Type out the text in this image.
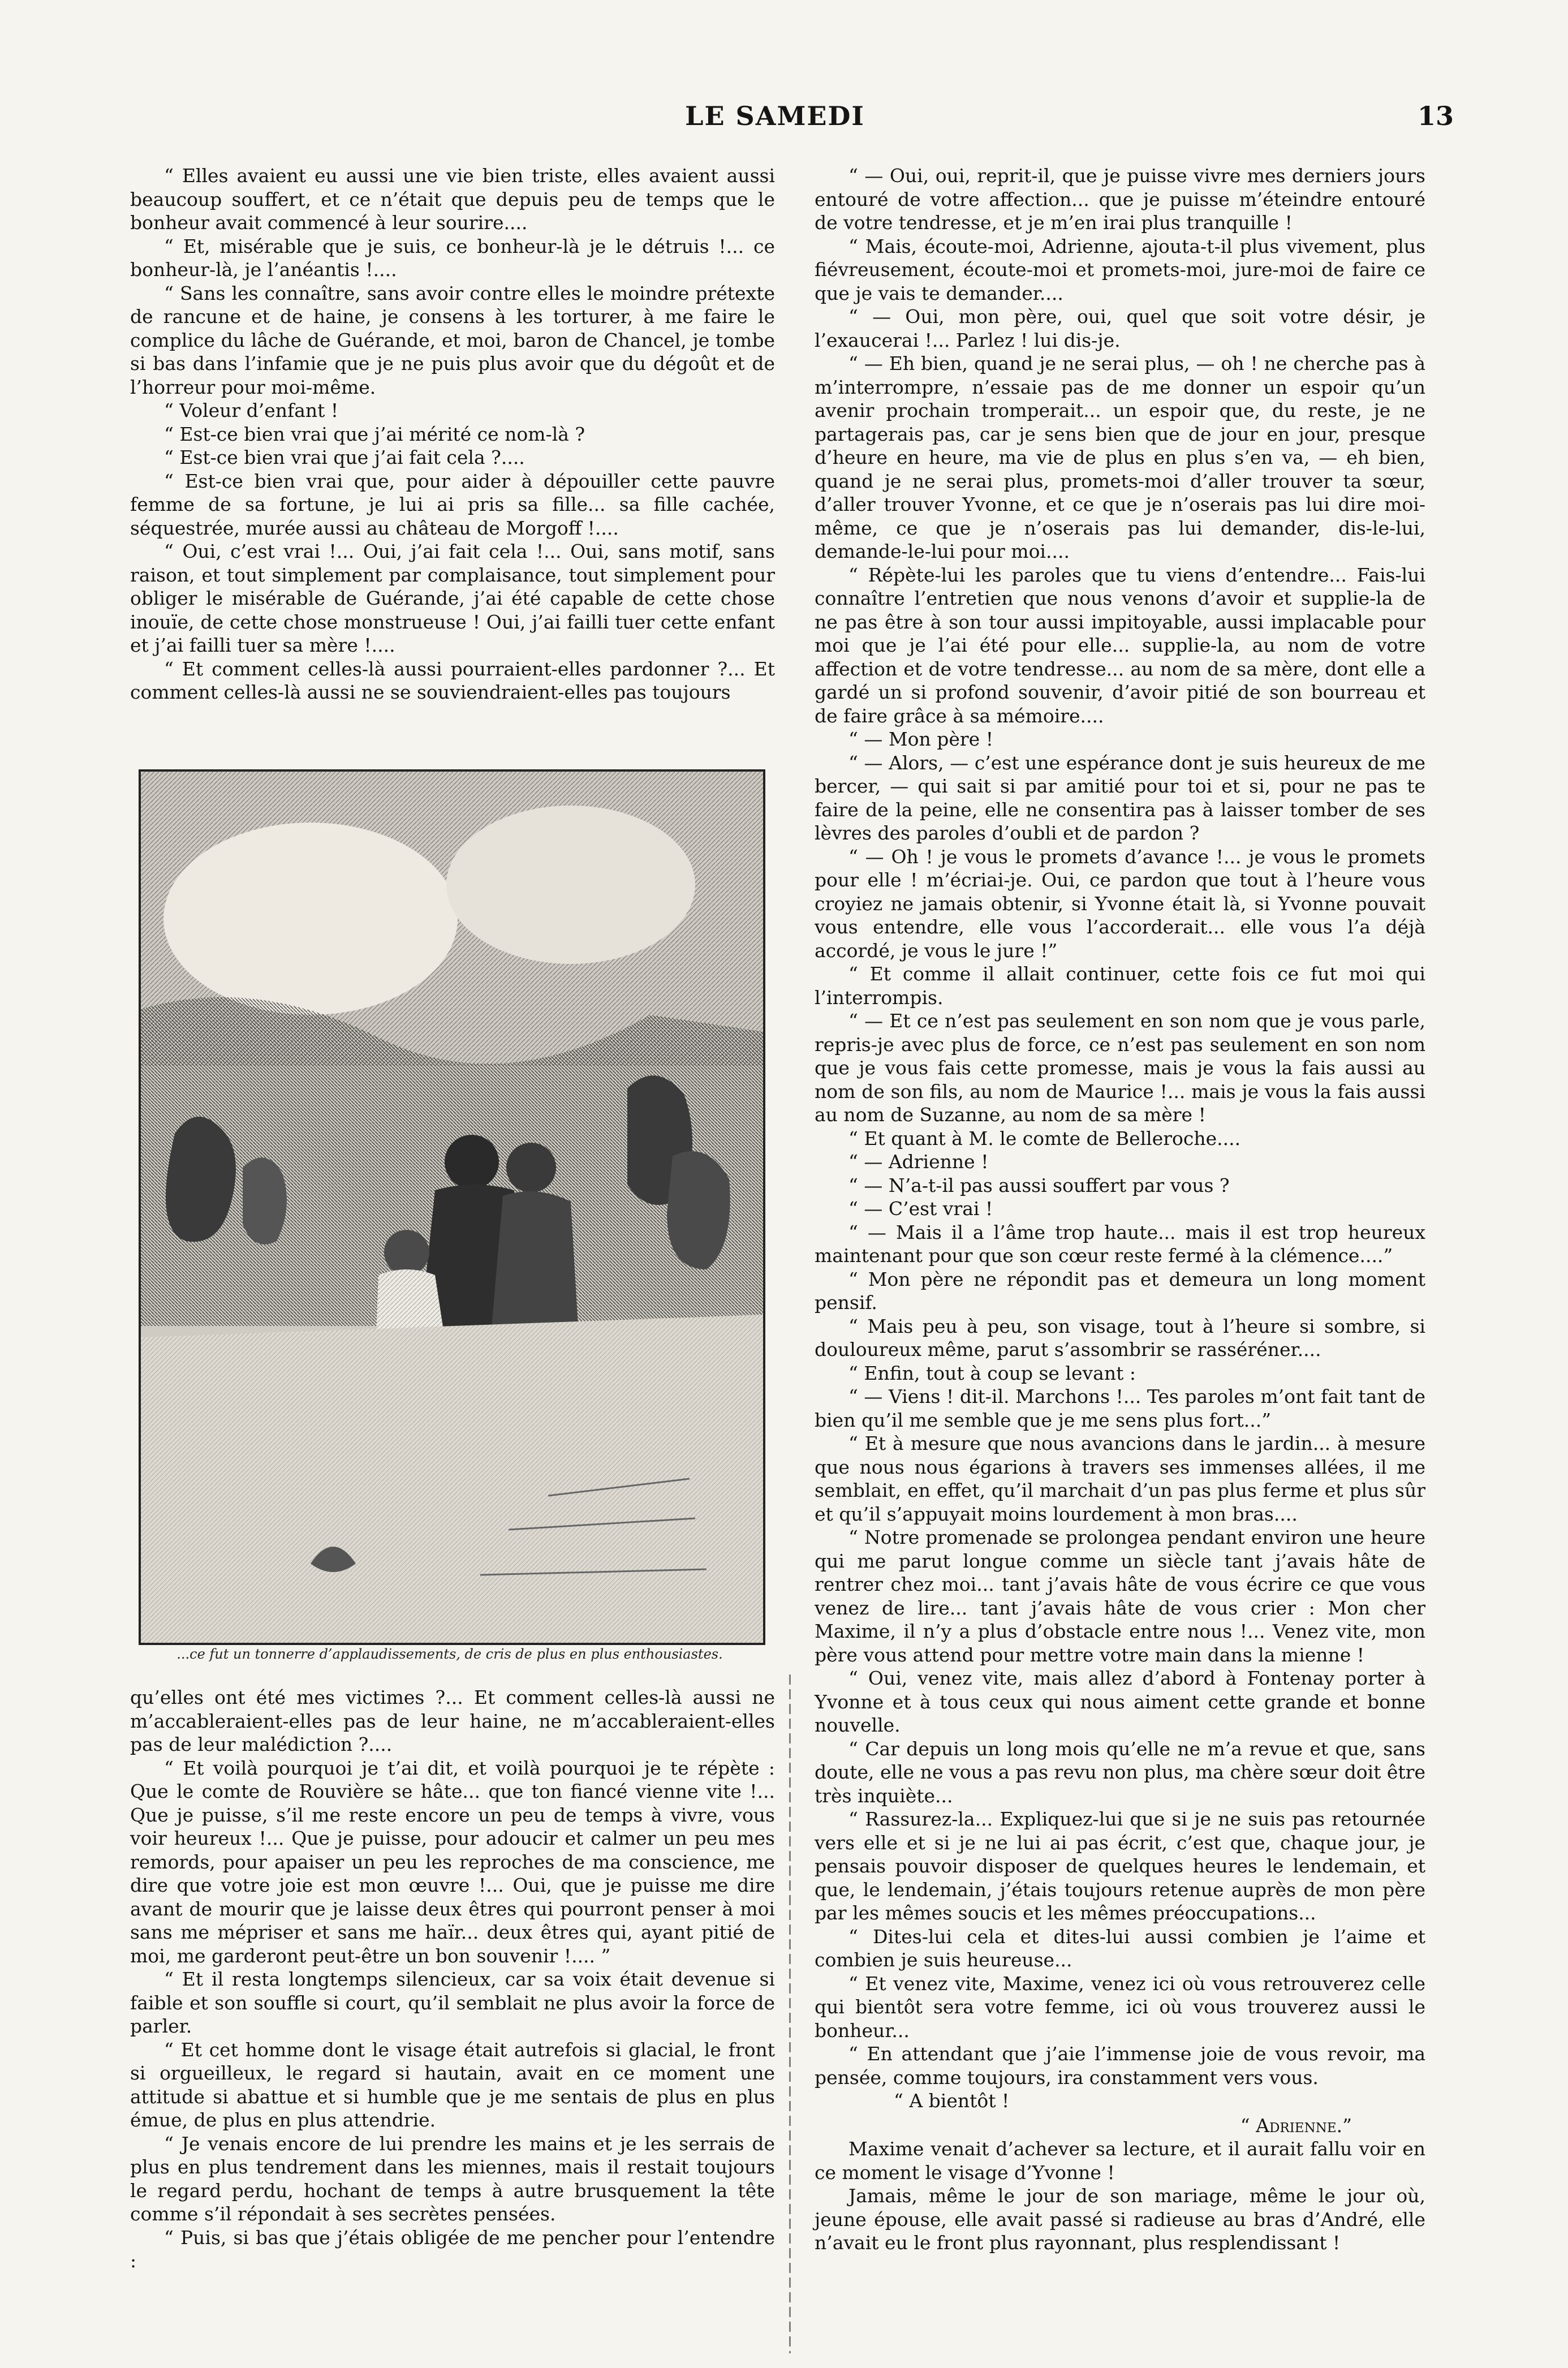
LE SAMEDI	13

“ Elles avaient eu aussi une vie bien triste, elles avaient aussi beaucoup souffert, et ce n’était que depuis peu de temps que le bonheur avait commencé à leur sourire....

“ Et, misérable que je suis, ce bonheur-là je le détruis !... ce bonheur-là, je l’anéantis !....

“ Sans les connaître, sans avoir contre elles le moindre prétexte de rancune et de haine, je consens à les torturer, à me faire le complice du lâche de Guérande, et moi, baron de Chancel, je tombe si bas dans l’infamie que je ne puis plus avoir que du dégoût et de l’horreur pour moi-même.

“ Voleur d’enfant !

“ Est-ce bien vrai que j’ai mérité ce nom-là ?

“ Est-ce bien vrai que j’ai fait cela ?....

“ Est-ce bien vrai que, pour aider à dépouiller cette pauvre femme de sa fortune, je lui ai pris sa fille... sa fille cachée, séquestrée, murée aussi au château de Morgoff !....

“ Oui, c’est vrai !... Oui, j’ai fait cela !... Oui, sans motif, sans raison, et tout simplement par complaisance, tout simplement pour obliger le misérable de Guérande, j’ai été capable de cette chose inouïe, de cette chose monstrueuse ! Oui, j’ai failli tuer cette enfant et j’ai failli tuer sa mère !....

“ Et comment celles-là aussi pourraient-elles pardonner ?... Et comment celles-là aussi ne se souviendraient-elles pas toujours

...ce fut un tonnerre d’applaudissements, de cris de plus en plus enthousiastes.

qu’elles ont été mes victimes ?... Et comment celles-là aussi ne m’accableraient-elles pas de leur haine, ne m’accableraient-elles pas de leur malédiction ?....

“ Et voilà pourquoi je t’ai dit, et voilà pourquoi je te répète : Que le comte de Rouvière se hâte... que ton fiancé vienne vite !... Que je puisse, s’il me reste encore un peu de temps à vivre, vous voir heureux !... Que je puisse, pour adoucir et calmer un peu mes remords, pour apaiser un peu les reproches de ma conscience, me dire que votre joie est mon œuvre !... Oui, que je puisse me dire avant de mourir que je laisse deux êtres qui pourront penser à moi sans me mépriser et sans me haïr... deux êtres qui, ayant pitié de moi, me garderont peut-être un bon souvenir !.... ”

“ Et il resta longtemps silencieux, car sa voix était devenue si faible et son souffle si court, qu’il semblait ne plus avoir la force de parler.

“ Et cet homme dont le visage était autrefois si glacial, le front si orgueilleux, le regard si hautain, avait en ce moment une attitude si abattue et si humble que je me sentais de plus en plus émue, de plus en plus attendrie.

“ Je venais encore de lui prendre les mains et je les serrais de plus en plus tendrement dans les miennes, mais il restait toujours le regard perdu, hochant de temps à autre brusquement la tête comme s’il répondait à ses secrètes pensées.

“ Puis, si bas que j’étais obligée de me pencher pour l’entendre :

“ — Oui, oui, reprit-il, que je puisse vivre mes derniers jours entouré de votre affection... que je puisse m’éteindre entouré de votre tendresse, et je m’en irai plus tranquille !

“ Mais, écoute-moi, Adrienne, ajouta-t-il plus vivement, plus fiévreusement, écoute-moi et promets-moi, jure-moi de faire ce que je vais te demander....

“ — Oui, mon père, oui, quel que soit votre désir, je l’exaucerai !... Parlez ! lui dis-je.

“ — Eh bien, quand je ne serai plus, — oh ! ne cherche pas à m’interrompre, n’essaie pas de me donner un espoir qu’un avenir prochain tromperait... un espoir que, du reste, je ne partagerais pas, car je sens bien que de jour en jour, presque d’heure en heure, ma vie de plus en plus s’en va, — eh bien, quand je ne serai plus, promets-moi d’aller trouver ta sœur, d’aller trouver Yvonne, et ce que je n’oserais pas lui dire moi-même, ce que je n’oserais pas lui demander, dis-le-lui, demande-le-lui pour moi....

“ Répète-lui les paroles que tu viens d’entendre... Fais-lui connaître l’entretien que nous venons d’avoir et supplie-la de ne pas être à son tour aussi impitoyable, aussi implacable pour moi que je l’ai été pour elle... supplie-la, au nom de votre affection et de votre tendresse... au nom de sa mère, dont elle a gardé un si profond souvenir, d’avoir pitié de son bourreau et de faire grâce à sa mémoire....

“ — Mon père !

“ — Alors, — c’est une espérance dont je suis heureux de me bercer, — qui sait si par amitié pour toi et si, pour ne pas te faire de la peine, elle ne consentira pas à laisser tomber de ses lèvres des paroles d’oubli et de pardon ?

“ — Oh ! je vous le promets d’avance !... je vous le promets pour elle ! m’écriai-je. Oui, ce pardon que tout à l’heure vous croyiez ne jamais obtenir, si Yvonne était là, si Yvonne pouvait vous entendre, elle vous l’accorderait... elle vous l’a déjà accordé, je vous le jure !”

“ Et comme il allait continuer, cette fois ce fut moi qui l’interrompis.

“ — Et ce n’est pas seulement en son nom que je vous parle, repris-je avec plus de force, ce n’est pas seulement en son nom que je vous fais cette promesse, mais je vous la fais aussi au nom de son fils, au nom de Maurice !... mais je vous la fais aussi au nom de Suzanne, au nom de sa mère !

“ Et quant à M. le comte de Belleroche....

“ — Adrienne !

“ — N’a-t-il pas aussi souffert par vous ?

“ — C’est vrai !

“ — Mais il a l’âme trop haute... mais il est trop heureux maintenant pour que son cœur reste fermé à la clémence....”

“ Mon père ne répondit pas et demeura un long moment pensif.

“ Mais peu à peu, son visage, tout à l’heure si sombre, si douloureux même, parut s’assombrir se rasséréner....

“ Enfin, tout à coup se levant :

“ — Viens ! dit-il. Marchons !... Tes paroles m’ont fait tant de bien qu’il me semble que je me sens plus fort...”

“ Et à mesure que nous avancions dans le jardin... à mesure que nous nous égarions à travers ses immenses allées, il me semblait, en effet, qu’il marchait d’un pas plus ferme et plus sûr et qu’il s’appuyait moins lourdement à mon bras....

“ Notre promenade se prolongea pendant environ une heure qui me parut longue comme un siècle tant j’avais hâte de rentrer chez moi... tant j’avais hâte de vous écrire ce que vous venez de lire... tant j’avais hâte de vous crier : Mon cher Maxime, il n’y a plus d’obstacle entre nous !... Venez vite, mon père vous attend pour mettre votre main dans la mienne !

“ Oui, venez vite, mais allez d’abord à Fontenay porter à Yvonne et à tous ceux qui nous aiment cette grande et bonne nouvelle.

“ Car depuis un long mois qu’elle ne m’a revue et que, sans doute, elle ne vous a pas revu non plus, ma chère sœur doit être très inquiète...

“ Rassurez-la... Expliquez-lui que si je ne suis pas retournée vers elle et si je ne lui ai pas écrit, c’est que, chaque jour, je pensais pouvoir disposer de quelques heures le lendemain, et que, le lendemain, j’étais toujours retenue auprès de mon père par les mêmes soucis et les mêmes préoccupations...

“ Dites-lui cela et dites-lui aussi combien je l’aime et combien je suis heureuse...

“ Et venez vite, Maxime, venez ici où vous retrouverez celle qui bientôt sera votre femme, ici où vous trouverez aussi le bonheur...

“ En attendant que j’aie l’immense joie de vous revoir, ma pensée, comme toujours, ira constamment vers vous.

“ A bientôt !

“ Adrienne.”

Maxime venait d’achever sa lecture, et il aurait fallu voir en ce moment le visage d’Yvonne !

Jamais, même le jour de son mariage, même le jour où, jeune épouse, elle avait passé si radieuse au bras d’André, elle n’avait eu le front plus rayonnant, plus resplendissant !
